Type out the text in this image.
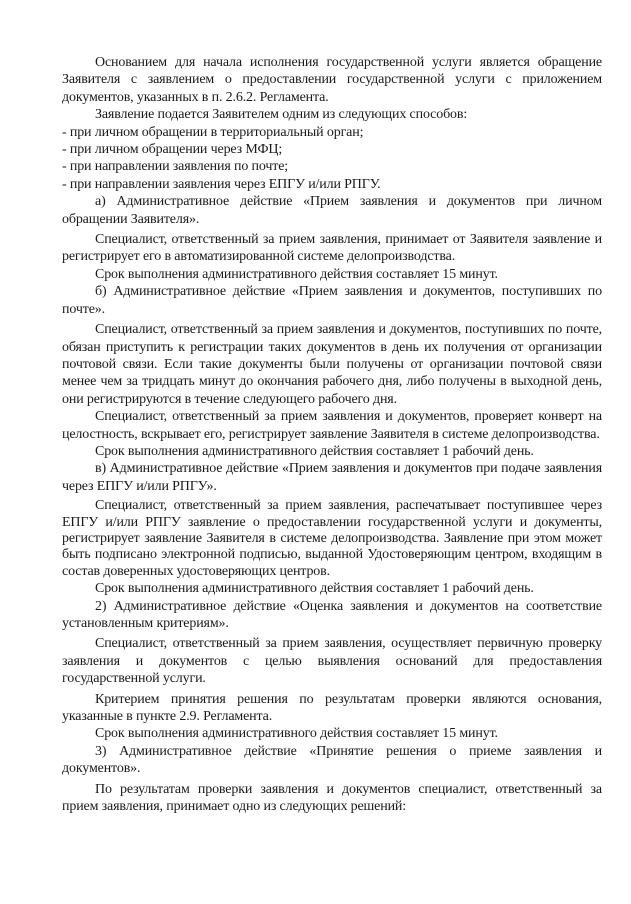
Основанием для начала исполнения государственной услуги является обращение Заявителя с заявлением о предоставлении государственной услуги с приложением документов, указанных в п. 2.6.2. Регламента.

Заявление подается Заявителем одним из следующих способов:

- при личном обращении в территориальный орган;

- при личном обращении через МФЦ;

- при направлении заявления по почте;

- при направлении заявления через ЕПГУ и/или РПГУ.

а) Административное действие «Прием заявления и документов при личном обращении Заявителя».

Специалист, ответственный за прием заявления, принимает от Заявителя заявление и регистрирует его в автоматизированной системе делопроизводства.

Срок выполнения административного действия составляет 15 минут.

б) Административное действие «Прием заявления и документов, поступивших по почте».

Специалист, ответственный за прием заявления и документов, поступивших по почте, обязан приступить к регистрации таких документов в день их получения от организации почтовой связи. Если такие документы были получены от организации почтовой связи менее чем за тридцать минут до окончания рабочего дня, либо получены в выходной день, они регистрируются в течение следующего рабочего дня.

Специалист, ответственный за прием заявления и документов, проверяет конверт на целостность, вскрывает его, регистрирует заявление Заявителя в системе делопроизводства.

Срок выполнения административного действия составляет 1 рабочий день.

в) Административное действие «Прием заявления и документов при подаче заявления через ЕПГУ и/или РПГУ».

Специалист, ответственный за прием заявления, распечатывает поступившее через ЕПГУ и/или РПГУ заявление о предоставлении государственной услуги и документы, регистрирует заявление Заявителя в системе делопроизводства. Заявление при этом может быть подписано электронной подписью, выданной Удостоверяющим центром, входящим в состав доверенных удостоверяющих центров.

Срок выполнения административного действия составляет 1 рабочий день.

2) Административное действие «Оценка заявления и документов на соответствие установленным критериям».

Специалист, ответственный за прием заявления, осуществляет первичную проверку заявления и документов с целью выявления оснований для предоставления государственной услуги.

Критерием принятия решения по результатам проверки являются основания, указанные в пункте 2.9. Регламента.

Срок выполнения административного действия составляет 15 минут.

3) Административное действие «Принятие решения о приеме заявления и документов».

По результатам проверки заявления и документов специалист, ответственный за прием заявления, принимает одно из следующих решений:
